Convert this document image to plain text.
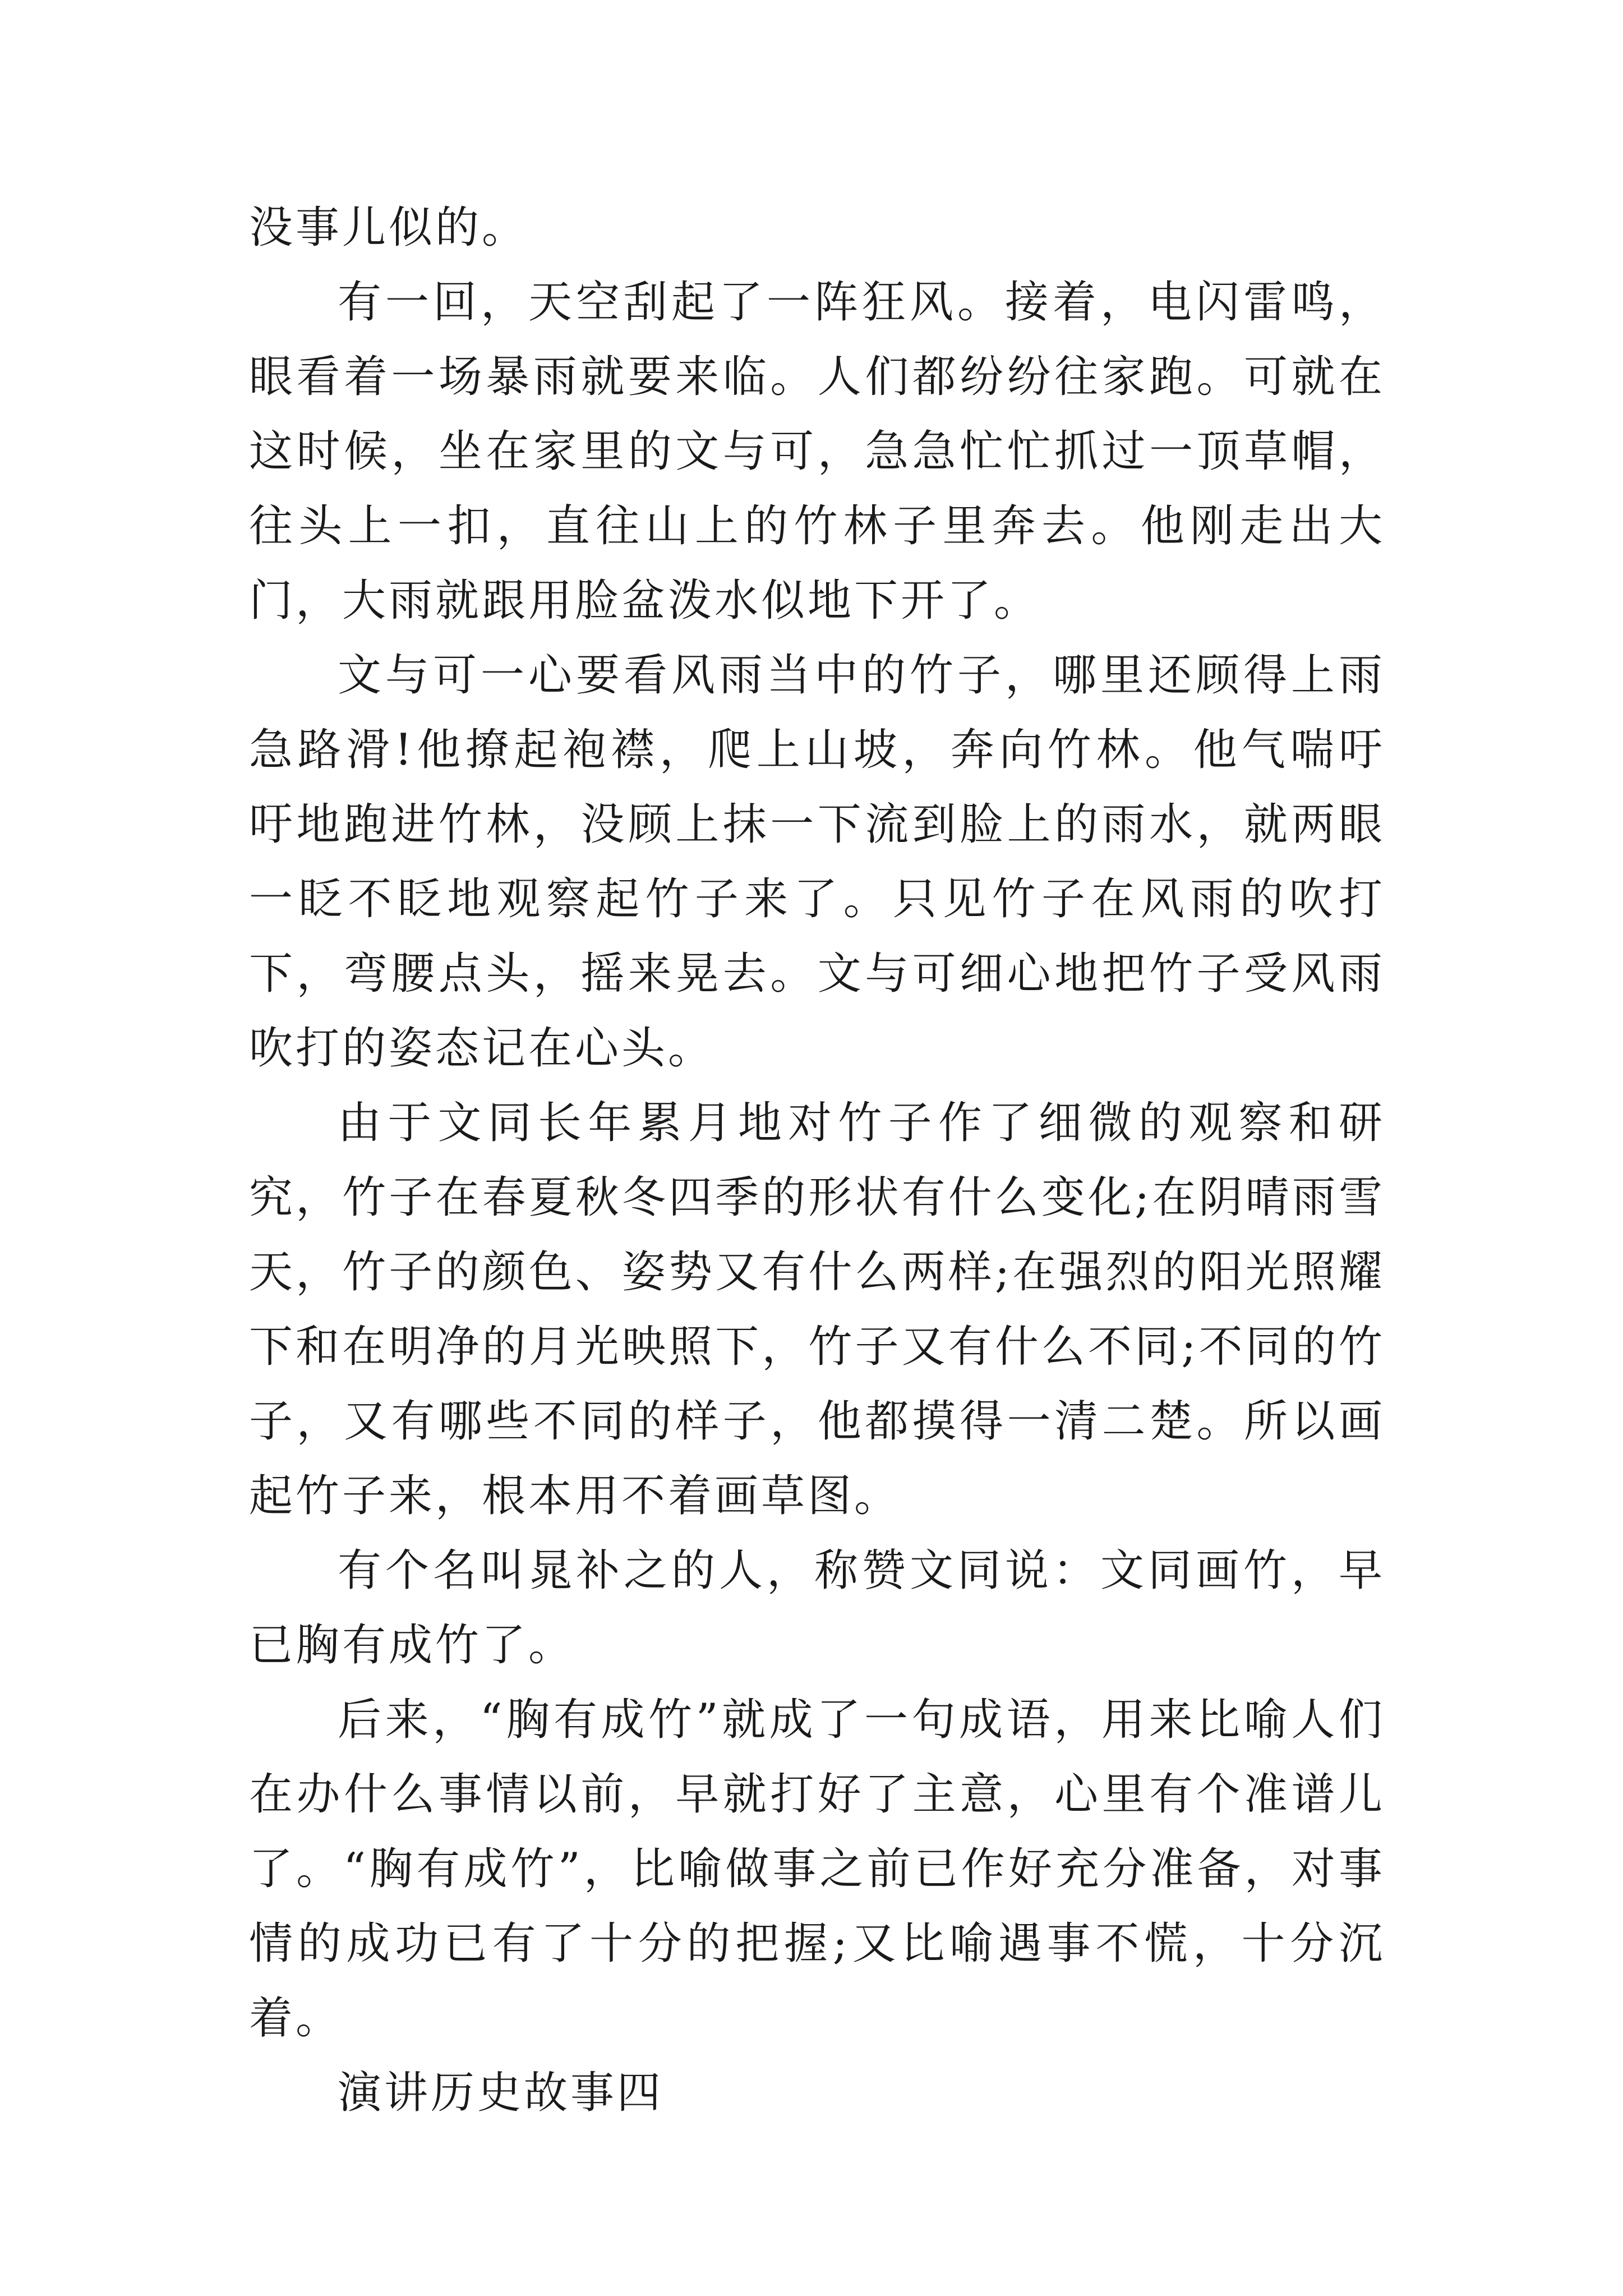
没事儿似的。

有一回，天空刮起了一阵狂风。接着，电闪雷鸣，眼看着一场暴雨就要来临。人们都纷纷往家跑。可就在这时候，坐在家里的文与可，急急忙忙抓过一顶草帽，往头上一扣，直往山上的竹林子里奔去。他刚走出大门，大雨就跟用脸盆泼水似地下开了。

文与可一心要看风雨当中的竹子，哪里还顾得上雨急路滑!他撩起袍襟，爬上山坡，奔向竹林。他气喘吁吁地跑进竹林，没顾上抹一下流到脸上的雨水，就两眼一眨不眨地观察起竹子来了。只见竹子在风雨的吹打下，弯腰点头，摇来晃去。文与可细心地把竹子受风雨吹打的姿态记在心头。

由于文同长年累月地对竹子作了细微的观察和研究，竹子在春夏秋冬四季的形状有什么变化;在阴晴雨雪天，竹子的颜色、姿势又有什么两样;在强烈的阳光照耀下和在明净的月光映照下，竹子又有什么不同;不同的竹子，又有哪些不同的样子，他都摸得一清二楚。所以画起竹子来，根本用不着画草图。

有个名叫晁补之的人，称赞文同说：文同画竹，早已胸有成竹了。

后来，“胸有成竹”就成了一句成语，用来比喻人们在办什么事情以前，早就打好了主意，心里有个准谱儿了。“胸有成竹”，比喻做事之前已作好充分准备，对事情的成功已有了十分的把握;又比喻遇事不慌，十分沉着。

演讲历史故事四
